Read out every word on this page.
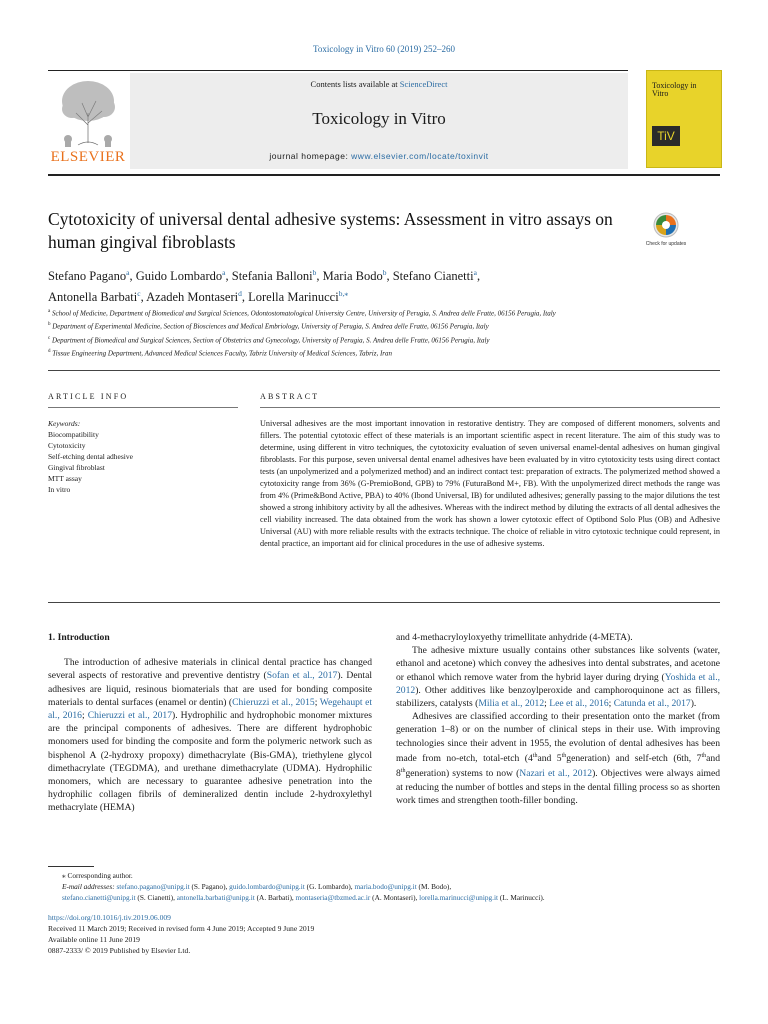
Toxicology in Vitro 60 (2019) 252–260
ELSEVIER
Contents lists available at ScienceDirect
Toxicology in Vitro
journal homepage: www.elsevier.com/locate/toxinvit
Toxicology in Vitro
TiV
Cytotoxicity of universal dental adhesive systems: Assessment in vitro assays on human gingival fibroblasts	Check for updates
Stefano Pagano$^a$, Guido Lombardo$^a$, Stefania Balloni$^b$, Maria Bodo$^b$, Stefano Cianetti$^a$,
Antonella Barbati$^c$, Azadeh Montaseri$^d$, Lorella Marinucci$^{b,⁎}$
$^a$ School of Medicine, Department of Biomedical and Surgical Sciences, Odontostomatological University Centre, University of Perugia, S. Andrea delle Fratte, 06156 Perugia, Italy
$^b$ Department of Experimental Medicine, Section of Biosciences and Medical Embriology, University of Perugia, S. Andrea delle Fratte, 06156 Perugia, Italy
$^c$ Department of Biomedical and Surgical Sciences, Section of Obstetrics and Gynecology, University of Perugia, S. Andrea delle Fratte, 06156 Perugia, Italy
$^d$ Tissue Engineering Department, Advanced Medical Sciences Faculty, Tabriz University of Medical Sciences, Tabriz, Iran
ARTICLE INFO	ABSTRACT
Keywords:
Biocompatibility
Cytotoxicity
Self-etching dental adhesive
Gingival fibroblast
MTT assay
In vitro
Universal adhesives are the most important innovation in restorative dentistry. They are composed of different monomers, solvents and fillers. The potential cytotoxic effect of these materials is an important scientific aspect in recent literature. The aim of this study was to determine, using different in vitro techniques, the cytotoxicity evaluation of seven universal enamel-dental adhesives on human gingival fibroblasts. For this purpose, seven universal dental enamel adhesives have been evaluated by in vitro cytotoxicity tests using direct contact tests (an unpolymerized and a polymerized method) and an indirect contact test: preparation of extracts. The polymerized method showed a cytotoxicity range from 36% (G-PremioBond, GPB) to 79% (FuturaBond M+, FB). With the unpolymerized direct methods the range was from 4% (Prime&Bond Active, PBA) to 40% (Ibond Universal, IB) for undiluted adhesives; generally passing to the major dilutions the test showed a strong inhibitory activity by all the adhesives. Whereas with the indirect method by diluting the extracts of all dental adhesives the cell viability increased. The data obtained from the work has shown a lower cytotoxic effect of Optibond Solo Plus (OB) and Adhesive Universal (AU) with more reliable results with the extracts technique. The choice of reliable in vitro cytotoxic technique could represent, in dental practice, an important aid for clinical procedures in the use of adhesive systems.

1. Introduction

The introduction of adhesive materials in clinical dental practice has changed several aspects of restorative and preventive dentistry (Sofan et al., 2017). Dental adhesives are liquid, resinous biomaterials that are used for bonding composite materials to dental surfaces (enamel or dentin) (Chieruzzi et al., 2015; Wegehaupt et al., 2016; Chieruzzi et al., 2017). Hydrophilic and hydrophobic monomer mixtures are the principal components of adhesives. There are different hydrophobic monomers used for binding the composite and form the polymeric network such as bisphenol A (2-hydroxy propoxy) dimethacrylate (Bis-GMA), triethylene glycol dimethacrylate (TEGDMA), and urethane dimethacrylate (UDMA). Hydrophilic monomers, which are necessary to guarantee adhesive penetration into the hydrophilic collagen fibrils of demineralized dentin include 2-hydroxylethyl methacrylate (HEMA)

and 4-methacryloyloxyethy trimellitate anhydride (4-META).

The adhesive mixture usually contains other substances like solvents (water, ethanol and acetone) which convey the adhesives into dental substrates, and acetone or ethanol which remove water from the hybrid layer during drying (Yoshida et al., 2012). Other additives like benzoylperoxide and camphoroquinone act as fillers, stabilizers, catalysts (Milia et al., 2012; Lee et al., 2016; Catunda et al., 2017).

Adhesives are classified according to their presentation onto the market (from generation 1–8) or on the number of clinical steps in their use. With improving technologies since their advent in 1955, the evolution of dental adhesives has been made from no-etch, total-etch (4thand 5thgeneration) and self-etch (6th, 7thand 8thgeneration) systems to now (Nazari et al., 2012). Objectives were always aimed at reducing the number of bottles and steps in the dental filling process so as shorten work times and strengthen tooth-filler bonding.

⁎ Corresponding author.
E-mail addresses: stefano.pagano@unipg.it (S. Pagano), guido.lombardo@unipg.it (G. Lombardo), maria.bodo@unipg.it (M. Bodo),
stefano.cianetti@unipg.it (S. Cianetti), antonella.barbati@unipg.it (A. Barbati), montaseria@tbzmed.ac.ir (A. Montaseri), lorella.marinucci@unipg.it (L. Marinucci).
https://doi.org/10.1016/j.tiv.2019.06.009
Received 11 March 2019; Received in revised form 4 June 2019; Accepted 9 June 2019
Available online 11 June 2019
0887-2333/ © 2019 Published by Elsevier Ltd.
